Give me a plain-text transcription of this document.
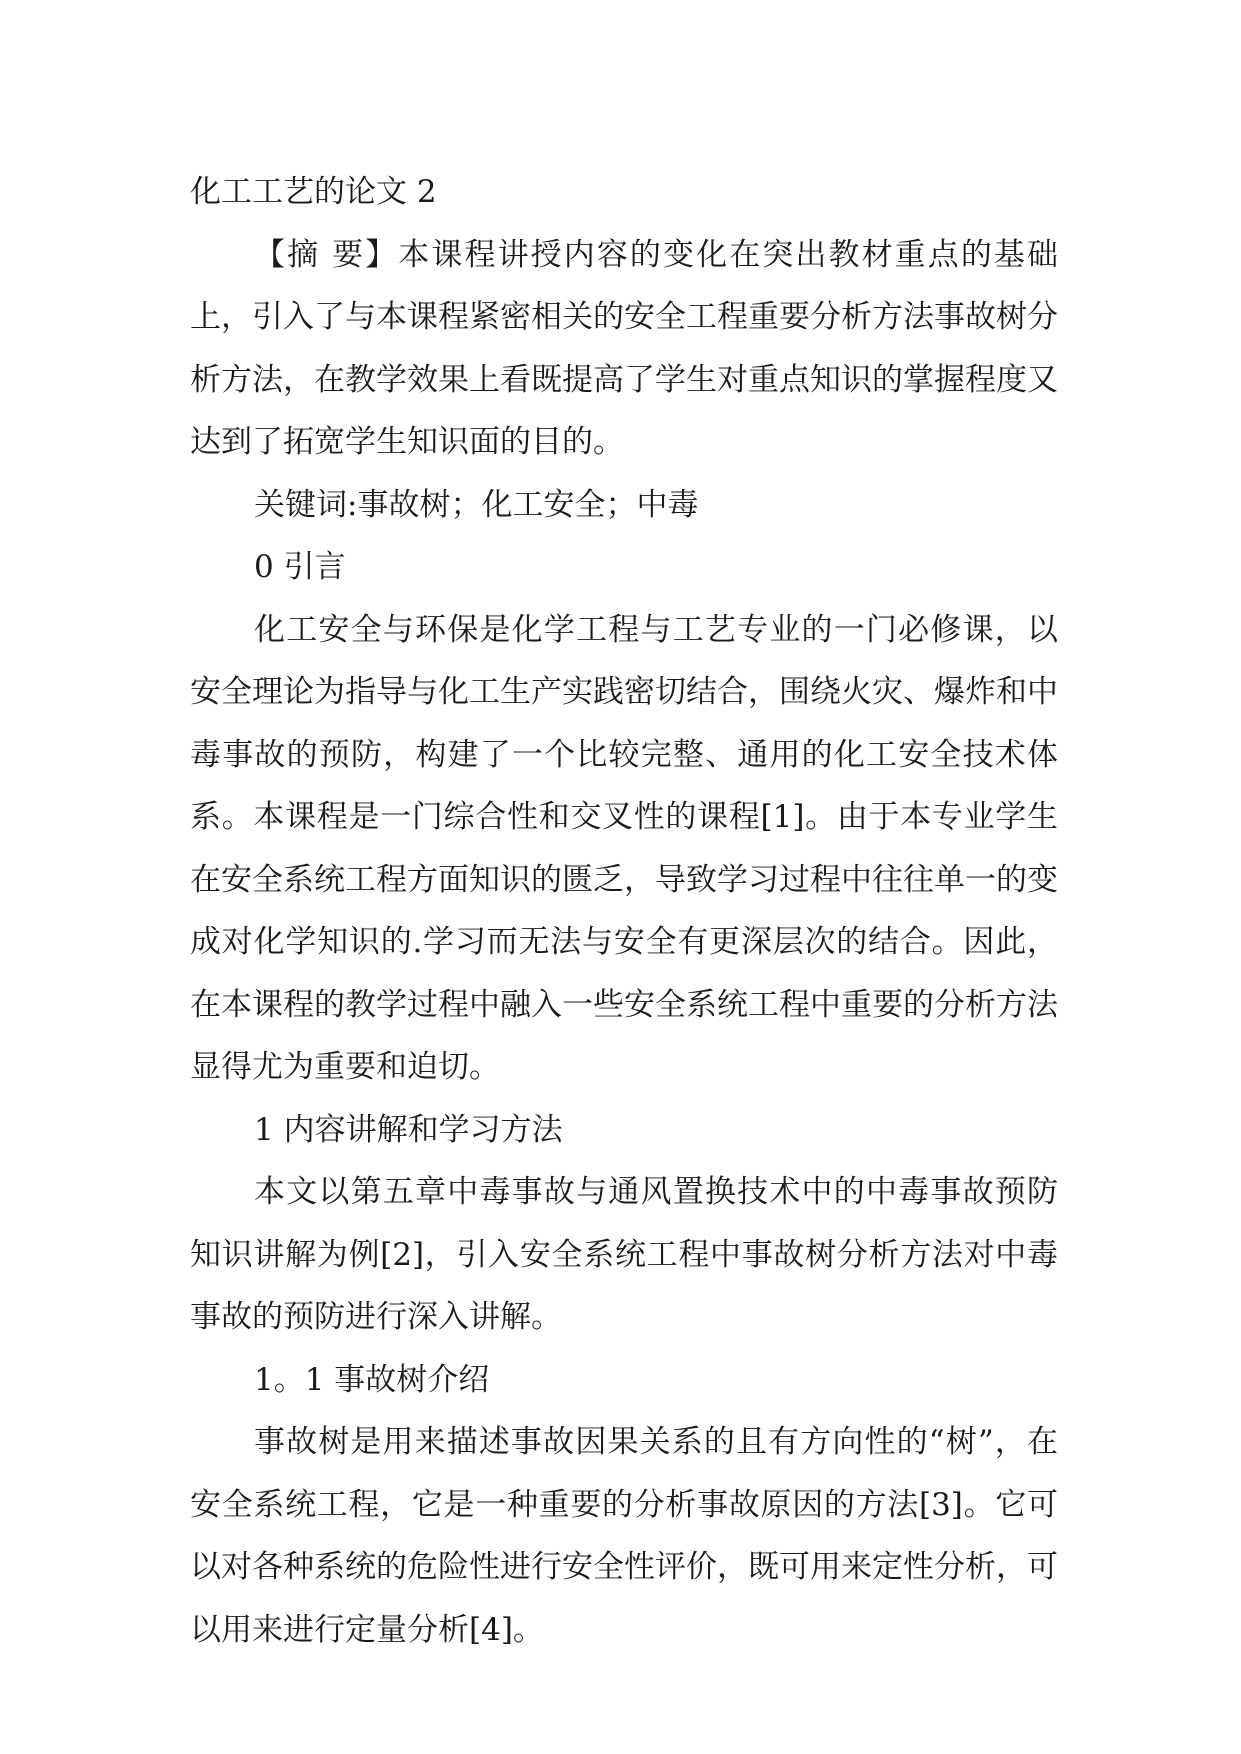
化工工艺的论文 2

【摘 要】本课程讲授内容的变化在突出教材重点的基础上，引入了与本课程紧密相关的安全工程重要分析方法事故树分析方法，在教学效果上看既提高了学生对重点知识的掌握程度又达到了拓宽学生知识面的目的。

关键词:事故树；化工安全；中毒

0 引言

化工安全与环保是化学工程与工艺专业的一门必修课，以安全理论为指导与化工生产实践密切结合，围绕火灾、爆炸和中毒事故的预防，构建了一个比较完整、通用的化工安全技术体系。本课程是一门综合性和交叉性的课程[1]。由于本专业学生在安全系统工程方面知识的匮乏，导致学习过程中往往单一的变成对化学知识的.学习而无法与安全有更深层次的结合。因此，在本课程的教学过程中融入一些安全系统工程中重要的分析方法显得尤为重要和迫切。

1 内容讲解和学习方法

本文以第五章中毒事故与通风置换技术中的中毒事故预防知识讲解为例[2]，引入安全系统工程中事故树分析方法对中毒事故的预防进行深入讲解。

1。1 事故树介绍

事故树是用来描述事故因果关系的且有方向性的“树”，在安全系统工程，它是一种重要的分析事故原因的方法[3]。它可以对各种系统的危险性进行安全性评价，既可用来定性分析，可以用来进行定量分析[4]。
